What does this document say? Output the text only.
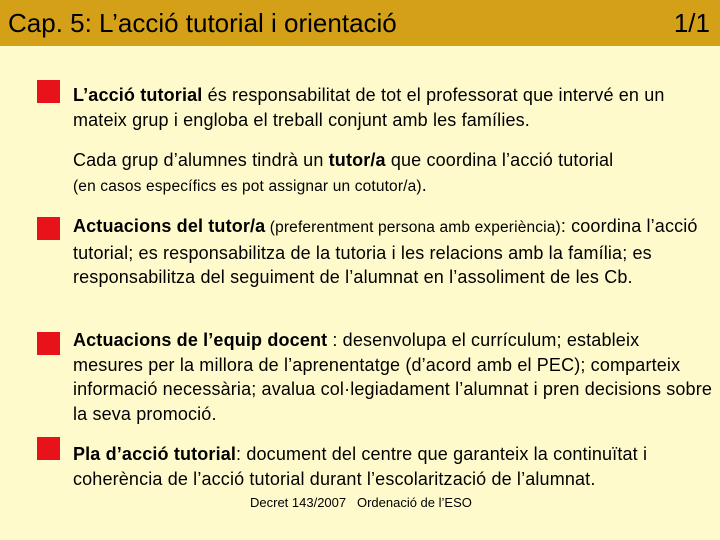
Cap. 5: L’acció tutorial i orientació	1/1
L’acció tutorial és responsabilitat de tot el professorat que intervé en un mateix grup i engloba el treball conjunt amb les famílies.
Cada grup d’alumnes tindrà un tutor/a que coordina l’acció tutorial
(en casos específics es pot assignar un cotutor/a).
Actuacions del tutor/a (preferentment persona amb experiència): coordina l’acció tutorial; es responsabilitza de la tutoria i les relacions amb la família; es responsabilitza del seguiment de l’alumnat en l’assoliment de les Cb.
Actuacions de l’equip docent : desenvolupa el currículum; estableix mesures per la millora de l’aprenentatge (d’acord amb el PEC); comparteix informació necessària; avalua col·legiadament l’alumnat i pren decisions sobre la seva promoció.
Pla d’acció tutorial: document del centre que garanteix la continuïtat i coherència de l’acció tutorial durant l’escolarització de l’alumnat.
Decret 143/2007   Ordenació de l’ESO
